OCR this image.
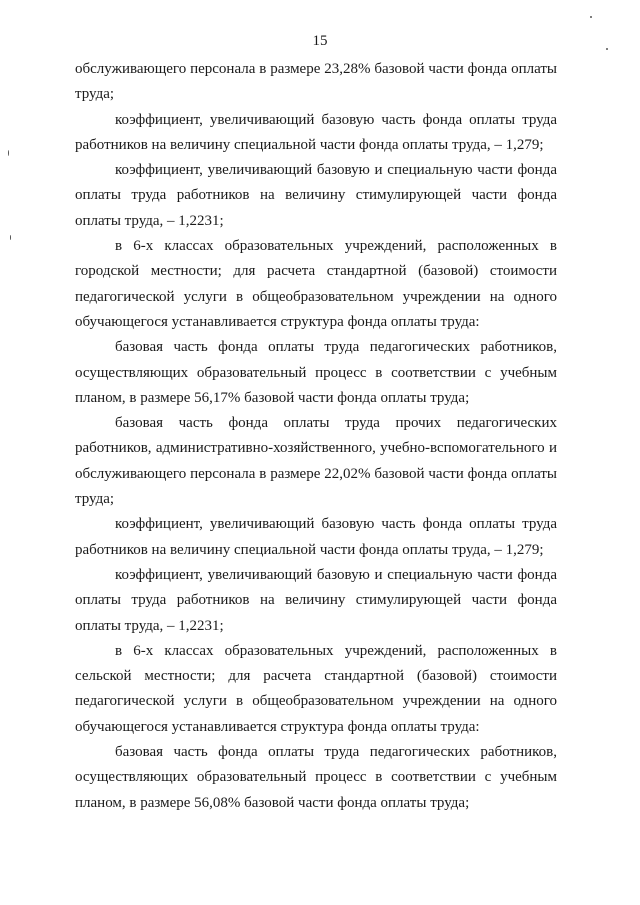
15
обслуживающего персонала в размере 23,28% базовой части фонда оплаты
труда;
коэффициент, увеличивающий базовую часть фонда оплаты труда
работников на величину специальной части фонда оплаты труда, – 1,279;
коэффициент, увеличивающий базовую и специальную части фонда
оплаты труда работников на величину стимулирующей части фонда
оплаты труда, – 1,2231;
в 6-х классах образовательных учреждений, расположенных в
городской местности; для расчета стандартной (базовой) стоимости
педагогической услуги в общеобразовательном учреждении на одного
обучающегося устанавливается структура фонда оплаты труда:
базовая часть фонда оплаты труда педагогических работников,
осуществляющих образовательный процесс в соответствии с учебным
планом, в размере 56,17% базовой части фонда оплаты труда;
базовая часть фонда оплаты труда прочих педагогических
работников, административно-хозяйственного, учебно-вспомогательного и
обслуживающего персонала в размере 22,02% базовой части фонда оплаты
труда;
коэффициент, увеличивающий базовую часть фонда оплаты труда
работников на величину специальной части фонда оплаты труда, – 1,279;
коэффициент, увеличивающий базовую и специальную части фонда
оплаты труда работников на величину стимулирующей части фонда
оплаты труда, – 1,2231;
в 6-х классах образовательных учреждений, расположенных в
сельской местности; для расчета стандартной (базовой) стоимости
педагогической услуги в общеобразовательном учреждении на одного
обучающегося устанавливается структура фонда оплаты труда:
базовая часть фонда оплаты труда педагогических работников,
осуществляющих образовательный процесс в соответствии с учебным
планом, в размере 56,08% базовой части фонда оплаты труда;
